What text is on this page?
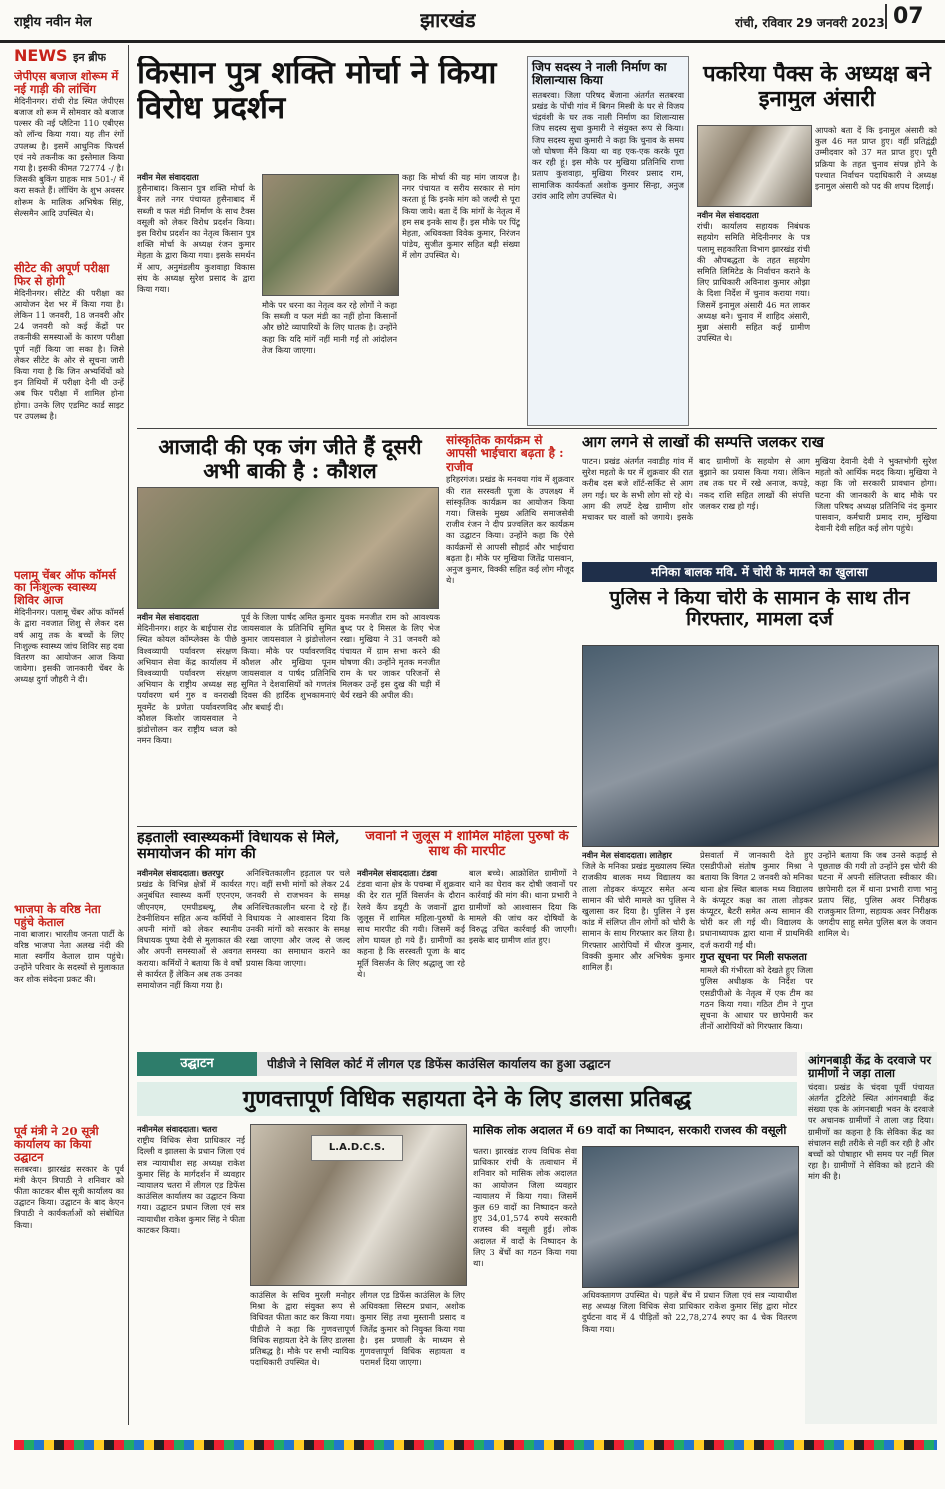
राष्ट्रीय नवीन मेल	झारखंड	रांची, रविवार 29 जनवरी 2023 07
NEWS इन ब्रीफ
जेपीएस बजाज शोरूम में नई गाड़ी की लांचिंग
मेदिनीनगर। रांची रोड स्थित जेपीएस बजाज शो रूम में सोमवार को बजाज पल्सर की नई प्लैटिना 110 एबीएस को लॉन्च किया गया। यह तीन रंगों उपलब्ध है। इसमें आधुनिक फिचर्स एवं नये तकनीक का इस्तेमाल किया गया है। इसकी कीमत 72774 -/ है। जिसकी बुकिंग ग्राहक मात्र 501-/ में करा सकते हैं। लॉचिंग के शुभ अवसर शोरूम के मालिक अभिषेक सिंह, सेल्समैन आदि उपस्थित थे।
सीटेट की अपूर्ण परीक्षा फिर से होगी
मेदिनीनगर। सीटेट की परीक्षा का आयोजन देश भर में किया गया है। लेकिन 11 जनवरी, 18 जनवरी और 24 जनवरी को कई केंद्रों पर तकनीकी समस्याओं के कारण परीक्षा पूर्ण नहीं किया जा सका है। जिसे लेकर सीटेट के ओर से सूचना जारी किया गया है कि जिन अभ्यर्थियों को इन तिथियों में परीक्षा देनी थी उन्हें अब फिर परीक्षा में शामिल होना होगा। उनके लिए एडमिट कार्ड साइट पर उपलब्ध है।
पलामू चेंबर ऑफ कॉमर्स का निःशुल्क स्वास्थ्य शिविर आज
मेदिनीनगर। पलामू चेंबर ऑफ कॉमर्स के द्वारा नवजात शिशु से लेकर दस वर्ष आयु तक के बच्चों के लिए निःशुल्क स्वास्थ्य जांच शिविर सह दवा वितरण का आयोजन आज किया जायेगा। इसकी जानकारी चेंबर के अध्यक्ष दुर्गा जौहरी ने दी।
भाजपा के वरिष्ठ नेता पहुंचे केताल
नावा बाजार। भारतीय जनता पार्टी के वरिष्ठ भाजपा नेता अलख नंदी की माता स्वर्गीय केताल ग्राम पहुंचे। उन्होंने परिवार के सदस्यों से मुलाकात कर शोक संवेदना प्रकट की।
पूर्व मंत्री ने 20 सूत्री कार्यालय का किया उद्घाटन
सतबरवा। झारखंड सरकार के पूर्व मंत्री केएन त्रिपाठी ने शनिवार को फीता काटकर बीस सूत्री कार्यालय का उद्घाटन किया। उद्घाटन के बाद केएन त्रिपाठी ने कार्यकर्ताओं को संबोधित किया।
किसान पुत्र शक्ति मोर्चा ने किया विरोध प्रदर्शन
नवीन मेल संवाददाता
हुसैनाबाद। किसान पुत्र शक्ति मोर्चा के बैनर तले नगर पंचायत हुसैनाबाद में सब्जी व फल मंडी निर्माण के साथ टैक्स वसूली को लेकर विरोध प्रदर्शन किया। इस विरोध प्रदर्शन का नेतृत्व किसान पुत्र शक्ति मोर्चा के अध्यक्ष रंजन कुमार मेहता के द्वारा किया गया। इसके समर्थन में आप, अनुमंडलीय कुशवाहा विकास संघ के अध्यक्ष सुरेश प्रसाद के द्वारा किया गया।
मौके पर धरना का नेतृत्व कर रहे लोगों ने कहा कि सब्जी व फल मंडी का नहीं होना किसानों और छोटे व्यापारियों के लिए घातक है। उन्होंने कहा कि यदि मांगें नहीं मानी गईं तो आंदोलन तेज किया जाएगा।
कहा कि मोर्चा की यह मांग जायज है। नगर पंचायत व सरीय सरकार से मांग करता हूं कि इनके मांग को जल्दी से पूरा किया जाये। बता दें कि मांगों के नेतृत्व में हम सब इनके साथ हैं। इस मौके पर पिंटू मेहता, अधिवक्ता विवेक कुमार, निरंजन पांडेय, सुजीत कुमार सहित बड़ी संख्या में लोग उपस्थित थे।
जिप सदस्य ने नाली निर्माण का शिलान्यास किया
सतबरवा। जिला परिषद बेंजाना अंतर्गत सतबरवा प्रखंड के पोंची गांव में बिगन मिस्त्री के घर से विजय चंद्रवंशी के घर तक नाली निर्माण का शिलान्यास जिप सदस्य सुधा कुमारी ने संयुक्त रूप से किया। जिप सदस्य सुधा कुमारी ने कहा कि चुनाव के समय जो घोषणा मैंने किया था वह एक-एक करके पूरा कर रही हूं। इस मौके पर मुखिया प्रतिनिधि राणा प्रताप कुशवाहा, मुखिया गिरवर प्रसाद राम, सामाजिक कार्यकर्ता अशोक कुमार सिन्हा, अनुज उरांव आदि लोग उपस्थित थे।
पकरिया पैक्स के अध्यक्ष बने इनामुल अंसारी
नवीन मेल संवाददाता
रांची। कार्यालय सहायक निबंधक सहयोग समिति मेदिनीनगर के पत्र पलामू सहकारिता विभाग झारखंड रांची की औपबद्धता के तहत सहयोग समिति लिमिटेड के निर्वाचन कराने के लिए प्राधिकारी अविनाश कुमार ओझा के दिशा निर्देश में चुनाव कराया गया। जिसमें इनामुल अंसारी 46 मत लाकर अध्यक्ष बने। चुनाव में शाहिद अंसारी, मुन्ना अंसारी सहित कई ग्रामीण उपस्थित थे।
आपको बता दें कि इनामुल अंसारी को कुल 46 मत प्राप्त हुए। वहीं प्रतिद्वंद्वी उम्मीदवार को 37 मत प्राप्त हुए। पूरी प्रक्रिया के तहत चुनाव संपन्न होने के पश्चात निर्वाचन पदाधिकारी ने अध्यक्ष इनामुल अंसारी को पद की शपथ दिलाई।
आजादी की एक जंग जीते हैं दूसरी अभी बाकी है : कौशल
नवीन मेल संवाददाता
मेदिनीनगर। शहर के बाईपास रोड स्थित कोयल कॉम्प्लेक्स के पीछे विश्वव्यापी पर्यावरण संरक्षण अभियान सेवा केंद्र कार्यालय में विश्वव्यापी पर्यावरण संरक्षण अभियान के राष्ट्रीय अध्यक्ष सह पर्यावरण धर्म गुरु व वनराखी मूवमेंट के प्रणेता पर्यावरणविद कौशल किशोर जायसवाल ने झंडोत्तोलन कर राष्ट्रीय ध्वज को नमन किया।
पूर्व के जिला पार्षद अमित कुमार जायसवाल के प्रतिनिधि सुमित कुमार जायसवाल ने झंडोत्तोलन किया। मौके पर पर्यावरणविद कौशल और मुखिया पूनम जायसवाल व पार्षद प्रतिनिधि सुमित ने देशवासियों को गणतंत्र दिवस की हार्दिक शुभकामनाएं और बधाई दी।
युवक मनजीत राम को आवश्यक बुध्द पर दे मिसल के लिए भेज रखा। मुखिया ने 31 जनवरी को पंचायत में ग्राम सभा करने की घोषणा की। उन्होंने मृतक मनजीत राम के घर जाकर परिजनों से मिलकर उन्हें इस दुख की घड़ी में धैर्य रखने की अपील की।
सांस्कृतिक कार्यक्रम से आपसी भाईचारा बढ़ता है : राजीव
हरिहरगंज। प्रखंड के मनवया गांव में शुक्रवार की रात सरस्वती पूजा के उपलक्ष्य में सांस्कृतिक कार्यक्रम का आयोजन किया गया। जिसके मुख्य अतिथि समाजसेवी राजीव रंजन ने दीप प्रज्वलित कर कार्यक्रम का उद्घाटन किया। उन्होंने कहा कि ऐसे कार्यक्रमों से आपसी सौहार्द और भाईचारा बढ़ता है। मौके पर मुखिया जितेंद्र पासवान, अनुज कुमार, विक्की सहित कई लोग मौजूद थे।
आग लगने से लाखों की सम्पत्ति जलकर राख
पाटन। प्रखंड अंतर्गत नवाडीह गांव में सुरेश महतो के घर में शुक्रवार की रात करीब दस बजे शॉर्ट-सर्किट से आग लग गई। घर के सभी लोग सो रहे थे। आग की लपटें देख ग्रामीण शोर मचाकर घर वालों को जगाये। इसके बाद ग्रामीणों के सहयोग से आग बुझाने का प्रयास किया गया। लेकिन तब तक घर में रखे अनाज, कपड़े, नकद राशि सहित लाखों की संपत्ति जलकर राख हो गई।
मुखिया देवानी देवी ने भुक्तभोगी सुरेश महतो को आर्थिक मदद किया। मुखिया ने कहा कि जो सरकारी प्रावधान होगा। घटना की जानकारी के बाद मौके पर जिला परिषद अध्यक्ष प्रतिनिधि नंद कुमार पासवान, कर्मचारी प्रमाद राम, मुखिया देवानी देवी सहित कई लोग पहुंचे।
मनिका बालक मवि. में चोरी के मामले का खुलासा
पुलिस ने किया चोरी के सामान के साथ तीन गिरफ्तार, मामला दर्ज
नवीन मेल संवाददाता। लातेहार
जिले के मनिका प्रखंड मुख्यालय स्थित राजकीय बालक मध्य विद्यालय का ताला तोड़कर कंप्यूटर समेत अन्य सामान की चोरी मामले का पुलिस ने खुलासा कर दिया है। पुलिस ने इस कांड में संलिप्त तीन लोगों को चोरी के सामान के साथ गिरफ्तार कर लिया है। गिरफ्तार आरोपियों में धीरज कुमार, विक्की कुमार और अभिषेक कुमार शामिल हैं।
प्रेसवार्ता में जानकारी देते हुए एसडीपीओ संतोष कुमार मिश्रा ने बताया कि विगत 2 जनवरी को मनिका थाना क्षेत्र स्थित बालक मध्य विद्यालय के कंप्यूटर कक्ष का ताला तोड़कर कंप्यूटर, बैटरी समेत अन्य सामान की चोरी कर ली गई थी। विद्यालय के प्रधानाध्यापक द्वारा थाना में प्राथमिकी दर्ज करायी गई थी।
गुप्त सूचना पर मिली सफलता
मामले की गंभीरता को देखते हुए जिला पुलिस अधीक्षक के निर्देश पर एसडीपीओ के नेतृत्व में एक टीम का गठन किया गया। गठित टीम ने गुप्त सूचना के आधार पर छापेमारी कर तीनों आरोपियों को गिरफ्तार किया।
उन्होंने बताया कि जब उनसे कड़ाई से पूछताछ की गयी तो उन्होंने इस चोरी की घटना में अपनी संलिप्तता स्वीकार की। छापेमारी दल में थाना प्रभारी राणा भानु प्रताप सिंह, पुलिस अवर निरीक्षक राजकुमार तिग्गा, सहायक अवर निरीक्षक जगदीप साहू समेत पुलिस बल के जवान शामिल थे।
हड़ताली स्वास्थ्यकर्मी विधायक से मिले, समायोजन की मांग की
नवीनमेल संवाददाता। छतरपुर
प्रखंड के विभिन्न क्षेत्रों में कार्यरत अनुबंधित स्वास्थ्य कर्मी एएनएम, जीएनएम, एमपीडब्ल्यू, लैब टेक्नीशियन सहित अन्य कर्मियों ने अपनी मांगों को लेकर स्थानीय विधायक पुष्पा देवी से मुलाकात की और अपनी समस्याओं से अवगत कराया। कर्मियों ने बताया कि वे वर्षों से कार्यरत हैं लेकिन अब तक उनका समायोजन नहीं किया गया है।
अनिश्चितकालीन हड़ताल पर चले गए। वहीं सभी मांगों को लेकर 24 जनवरी से राजभवन के समक्ष अनिश्चितकालीन धरना दे रहे हैं। विधायक ने आश्वासन दिया कि उनकी मांगों को सरकार के समक्ष रखा जाएगा और जल्द से जल्द समस्या का समाधान कराने का प्रयास किया जाएगा।
जवानों ने जुलूस में शामिल महिला पुरुषों के साथ की मारपीट
नवीनमेल संवाददाता। टंडवा
टंडवा थाना क्षेत्र के पचम्बा में शुक्रवार की देर रात मूर्ति विसर्जन के दौरान रेलवे कैंप डयूटी के जवानों द्वारा जुलूस में शामिल महिला-पुरुषों के साथ मारपीट की गयी। जिसमें कई लोग घायल हो गये हैं। ग्रामीणों का कहना है कि सरस्वती पूजा के बाद मूर्ति विसर्जन के लिए श्रद्धालु जा रहे थे।
बाल बच्चे। आक्रोशित ग्रामीणों ने थाने का घेराव कर दोषी जवानों पर कार्रवाई की मांग की। थाना प्रभारी ने ग्रामीणों को आश्वासन दिया कि मामले की जांच कर दोषियों के विरुद्ध उचित कार्रवाई की जाएगी। इसके बाद ग्रामीण शांत हुए।
उद्घाटन	पीडीजे ने सिविल कोर्ट में लीगल एड डिफेंस काउंसिल कार्यालय का हुआ उद्घाटन
गुणवत्तापूर्ण विधिक सहायता देने के लिए डालसा प्रतिबद्ध
नवीनमेल संवाददाता। चतरा
राष्ट्रीय विधिक सेवा प्राधिकार नई दिल्ली व झालसा के प्रधान जिला एवं सत्र न्यायाधीश सह अध्यक्ष राकेश कुमार सिंह के मार्गदर्शन में व्यवहार न्यायालय चतरा में लीगल एड डिफेंस काउंसिल कार्यालय का उद्घाटन किया गया। उद्घाटन प्रधान जिला एवं सत्र न्यायाधीश राकेश कुमार सिंह ने फीता काटकर किया।
L.A.D.C.S.
काउंसिल के सचिव मुरली मनोहर मिश्रा के द्वारा संयुक्त रूप से विधिवत फीता काट कर किया गया। पीडीजे ने कहा कि गुणवत्तापूर्ण विधिक सहायता देने के लिए डालसा प्रतिबद्ध है। मौके पर सभी न्यायिक पदाधिकारी उपस्थित थे।
लीगल एड डिफेंस काउंसिल के लिए अधिवक्ता सिस्टम प्रधान, अशोक कुमार सिंह तथा मुस्तानी प्रसाद व जितेंद्र कुमार को नियुक्त किया गया है। इस प्रणाली के माध्यम से गुणवत्तापूर्ण विधिक सहायता व परामर्श दिया जाएगा।
मासिक लोक अदालत में 69 वादों का निष्पादन, सरकारी राजस्व की वसूली
चतरा। झारखंड राज्य विधिक सेवा प्राधिकार रांची के तत्वाधान में शनिवार को मासिक लोक अदालत का आयोजन जिला व्यवहार न्यायालय में किया गया। जिसमें कुल 69 वादों का निष्पादन करते हुए 34,01,574 रुपये सरकारी राजस्व की वसूली हुई। लोक अदालत में वादों के निष्पादन के लिए 3 बेंचों का गठन किया गया था।
अधिवक्तागण उपस्थित थे। पहले बेंच में प्रधान जिला एवं सत्र न्यायाधीश सह अध्यक्ष जिला विधिक सेवा प्राधिकार राकेश कुमार सिंह द्वारा मोटर दुर्घटना वाद में 4 पीड़ितों को 22,78,274 रुपए का 4 चेक वितरण किया गया।
आंगनबाड़ी केंद्र के दरवाजे पर ग्रामीणों ने जड़ा ताला
चंदवा। प्रखंड के चंदवा पूर्वी पंचायत अंतर्गत टुटिलेटे स्थित आंगनबाड़ी केंद्र संख्या एक के आंगनबाड़ी भवन के दरवाजे पर अचानक ग्रामीणों ने ताला जड़ दिया। ग्रामीणों का कहना है कि सेविका केंद्र का संचालन सही तरीके से नहीं कर रही है और बच्चों को पोषाहार भी समय पर नहीं मिल रहा है। ग्रामीणों ने सेविका को हटाने की मांग की है।
